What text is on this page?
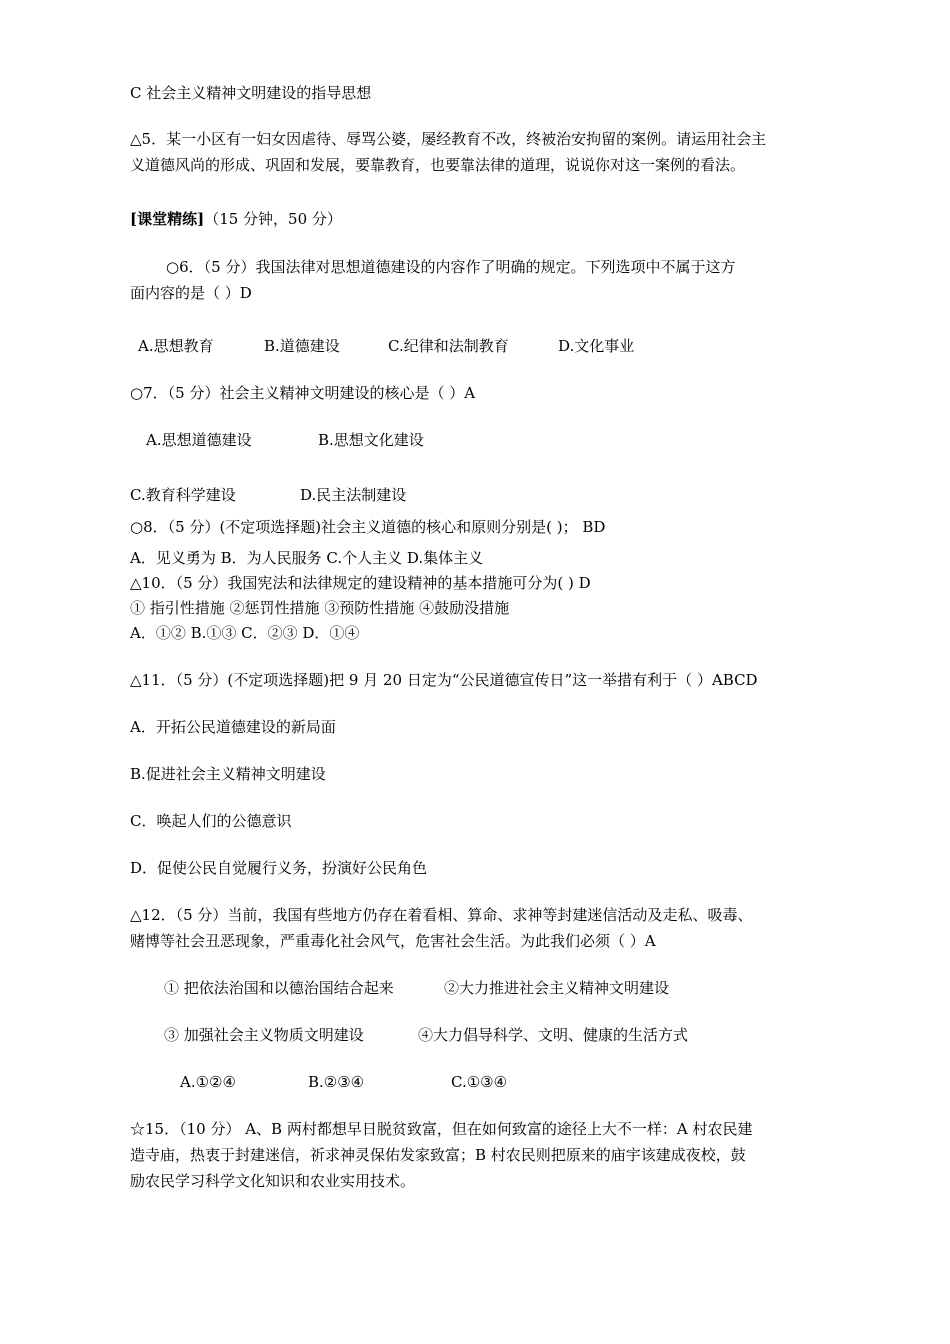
C 社会主义精神文明建设的指导思想
△5．某一小区有一妇女因虐待、辱骂公婆，屡经教育不改，终被治安拘留的案例。请运用社会主
义道德风尚的形成、巩固和发展，要靠教育，也要靠法律的道理，说说你对这一案例的看法。
[课堂精练]（15 分钟，50 分）
○6．（5 分）我国法律对思想道德建设的内容作了明确的规定。下列选项中不属于这方
面内容的是（ ）D
A.思想教育	B.道德建设	C.纪律和法制教育	D.文化事业
○7．（5 分）社会主义精神文明建设的核心是（ ）A
A.思想道德建设	B.思想文化建设
C.教育科学建设	D.民主法制建设
○8．（5 分）(不定项选择题)社会主义道德的核心和原则分别是( )； BD
A．见义勇为 B．为人民服务 C.个人主义 D.集体主义
△10．（5 分）我国宪法和法律规定的建设精神的基本措施可分为( ) D
① 指引性措施 ②惩罚性措施 ③预防性措施 ④鼓励没措施
A．①② B.①③ C．②③ D．①④
△11．（5 分）(不定项选择题)把 9 月 20 日定为“公民道德宣传日”这一举措有利于（ ）ABCD
A．开拓公民道德建设的新局面
B.促进社会主义精神文明建设
C．唤起人们的公德意识
D．促使公民自觉履行义务，扮演好公民角色
△12．（5 分）当前，我国有些地方仍存在着看相、算命、求神等封建迷信活动及走私、吸毒、
赌博等社会丑恶现象，严重毒化社会风气，危害社会生活。为此我们必须（ ）A
① 把依法治国和以德治国结合起来	②大力推进社会主义精神文明建设
③ 加强社会主义物质文明建设	④大力倡导科学、文明、健康的生活方式
A.①②④	B.②③④	C.①③④
☆15．（10 分） A、B 两村都想早日脱贫致富，但在如何致富的途径上大不一样：A 村农民建
造寺庙，热衷于封建迷信，祈求神灵保佑发家致富；B 村农民则把原来的庙宇该建成夜校，鼓
励农民学习科学文化知识和农业实用技术。
